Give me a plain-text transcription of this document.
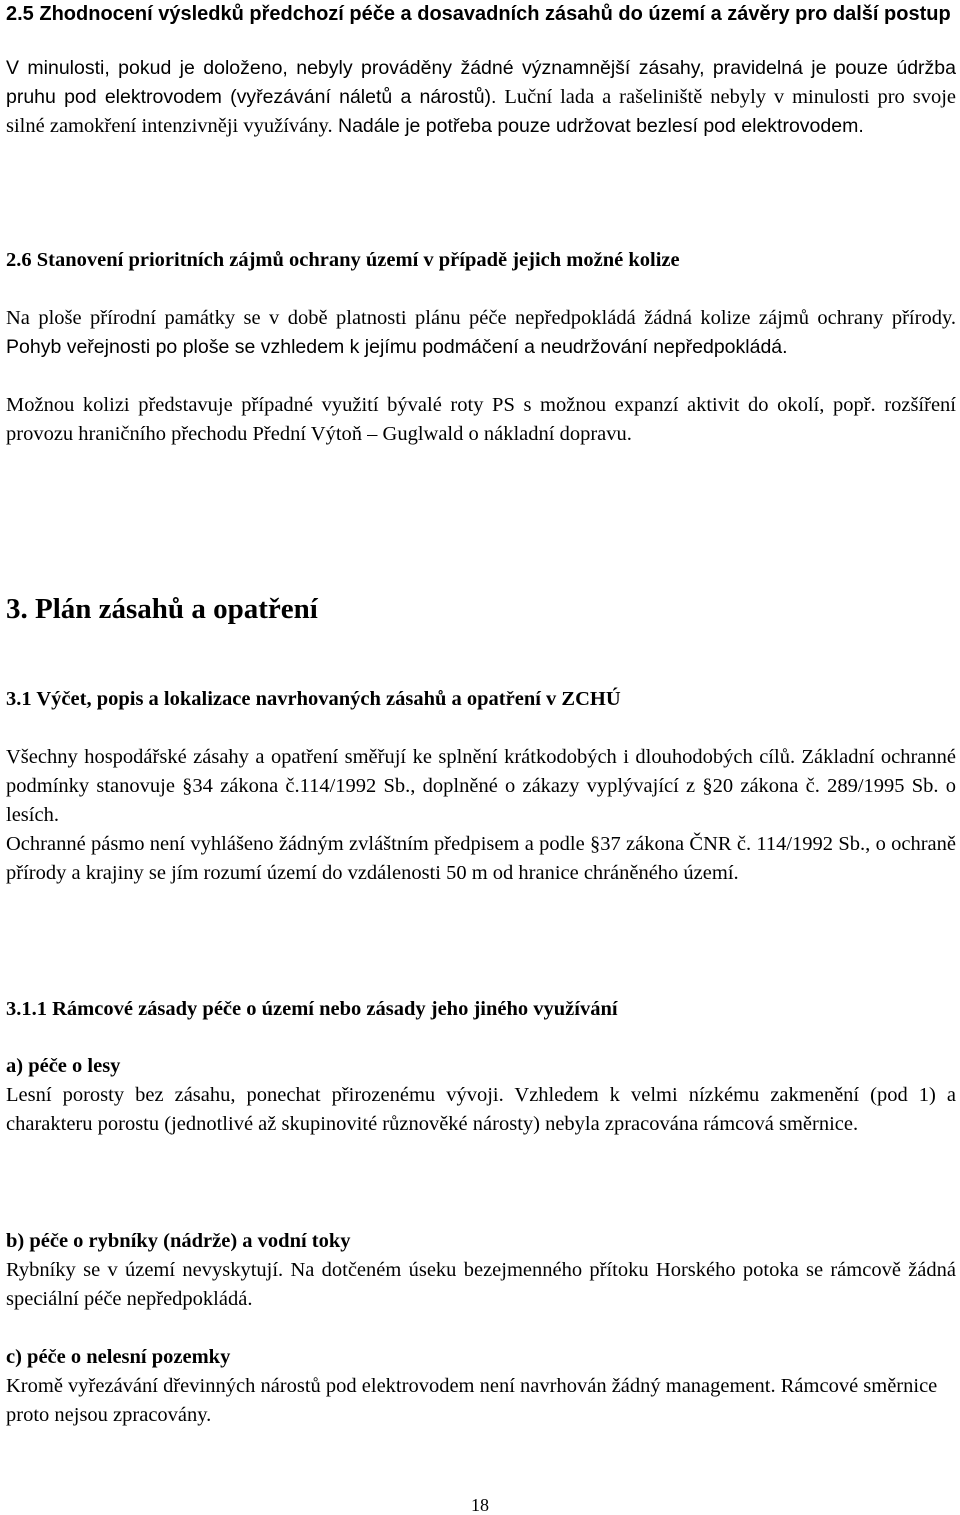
2.5 Zhodnocení výsledků předchozí péče a dosavadních zásahů do území a závěry pro další postup

V minulosti, pokud je doloženo, nebyly prováděny žádné významnější zásahy, pravidelná je pouze údržba pruhu pod elektrovodem (vyřezávání náletů a nárostů). Luční lada a rašeliniště nebyly v minulosti pro svoje silné zamokření intenzivněji využívány. Nadále je potřeba pouze udržovat bezlesí pod elektrovodem.

2.6 Stanovení prioritních zájmů ochrany území v případě jejich možné kolize

Na ploše přírodní památky se v době platnosti plánu péče nepředpokládá žádná kolize zájmů ochrany přírody. Pohyb veřejnosti po ploše se vzhledem k jejímu podmáčení a neudržování nepředpokládá.

Možnou kolizi představuje případné využití bývalé roty PS s možnou expanzí aktivit do okolí, popř. rozšíření provozu hraničního přechodu Přední Výtoň – Guglwald o nákladní dopravu.

3. Plán zásahů a opatření
3.1 Výčet, popis a lokalizace navrhovaných zásahů a opatření v ZCHÚ

Všechny hospodářské zásahy a opatření směřují ke splnění krátkodobých i dlouhodobých cílů. Základní ochranné podmínky stanovuje §34 zákona č.114/1992 Sb., doplněné o zákazy vyplývající z §20 zákona č. 289/1995 Sb. o lesích.

Ochranné pásmo není vyhlášeno žádným zvláštním předpisem a podle §37 zákona ČNR č. 114/1992 Sb., o ochraně přírody a krajiny se jím rozumí území do vzdálenosti 50 m od hranice chráněného území.

3.1.1 Rámcové zásady péče o území nebo zásady jeho jiného využívání
a) péče o lesy

Lesní porosty bez zásahu, ponechat přirozenému vývoji. Vzhledem k velmi nízkému zakmenění (pod 1) a charakteru porostu (jednotlivé až skupinovité různověké nárosty) nebyla zpracována rámcová směrnice.

b) péče o rybníky (nádrže) a vodní toky

Rybníky se v území nevyskytují. Na dotčeném úseku bezejmenného přítoku Horského potoka se rámcově žádná speciální péče nepředpokládá.

c) péče o nelesní pozemky

Kromě vyřezávání dřevinných nárostů pod elektrovodem není navrhován žádný management. Rámcové směrnice proto nejsou zpracovány.

18
